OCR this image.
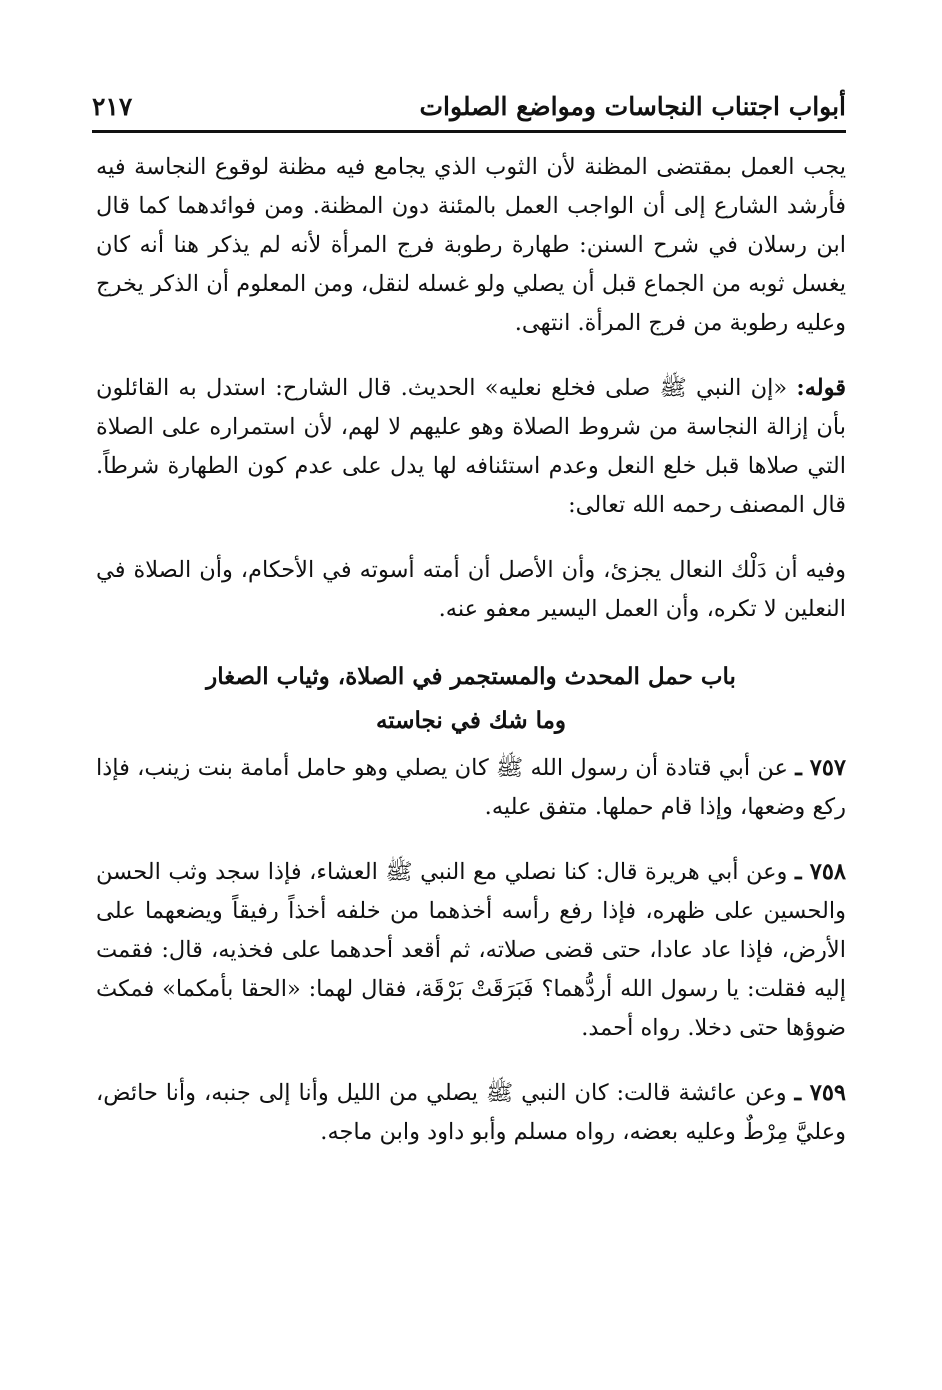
أبواب اجتناب النجاسات ومواضع الصلوات
٢١٧

يجب العمل بمقتضى المظنة لأن الثوب الذي يجامع فيه مظنة لوقوع النجاسة فيه فأرشد الشارع إلى أن الواجب العمل بالمئنة دون المظنة. ومن فوائدهما كما قال ابن رسلان في شرح السنن: طهارة رطوبة فرج المرأة لأنه لم يذكر هنا أنه كان يغسل ثوبه من الجماع قبل أن يصلي ولو غسله لنقل، ومن المعلوم أن الذكر يخرج وعليه رطوبة من فرج المرأة. انتهى.

قوله: «إن النبي ﷺ صلى فخلع نعليه» الحديث. قال الشارح: استدل به القائلون بأن إزالة النجاسة من شروط الصلاة وهو عليهم لا لهم، لأن استمراره على الصلاة التي صلاها قبل خلع النعل وعدم استئنافه لها يدل على عدم كون الطهارة شرطاً. قال المصنف رحمه الله تعالى:

وفيه أن دَلْك النعال يجزئ، وأن الأصل أن أمته أسوته في الأحكام، وأن الصلاة في النعلين لا تكره، وأن العمل اليسير معفو عنه.

باب حمل المحدث والمستجمر في الصلاة، وثياب الصغار
وما شك في نجاسته

٧٥٧ ـ عن أبي قتادة أن رسول الله ﷺ كان يصلي وهو حامل أمامة بنت زينب، فإذا ركع وضعها، وإذا قام حملها. متفق عليه.

٧٥٨ ـ وعن أبي هريرة قال: كنا نصلي مع النبي ﷺ العشاء، فإذا سجد وثب الحسن والحسين على ظهره، فإذا رفع رأسه أخذهما من خلفه أخذاً رفيقاً ويضعهما على الأرض، فإذا عاد عادا، حتى قضى صلاته، ثم أقعد أحدهما على فخذيه، قال: فقمت إليه فقلت: يا رسول الله أردُّهما؟ فَبَرَقَتْ بَرْقَة، فقال لهما: «الحقا بأمكما» فمكث ضوؤها حتى دخلا. رواه أحمد.

٧٥٩ ـ وعن عائشة قالت: كان النبي ﷺ يصلي من الليل وأنا إلى جنبه، وأنا حائض، وعليَّ مِرْطٌ وعليه بعضه، رواه مسلم وأبو داود وابن ماجه.
